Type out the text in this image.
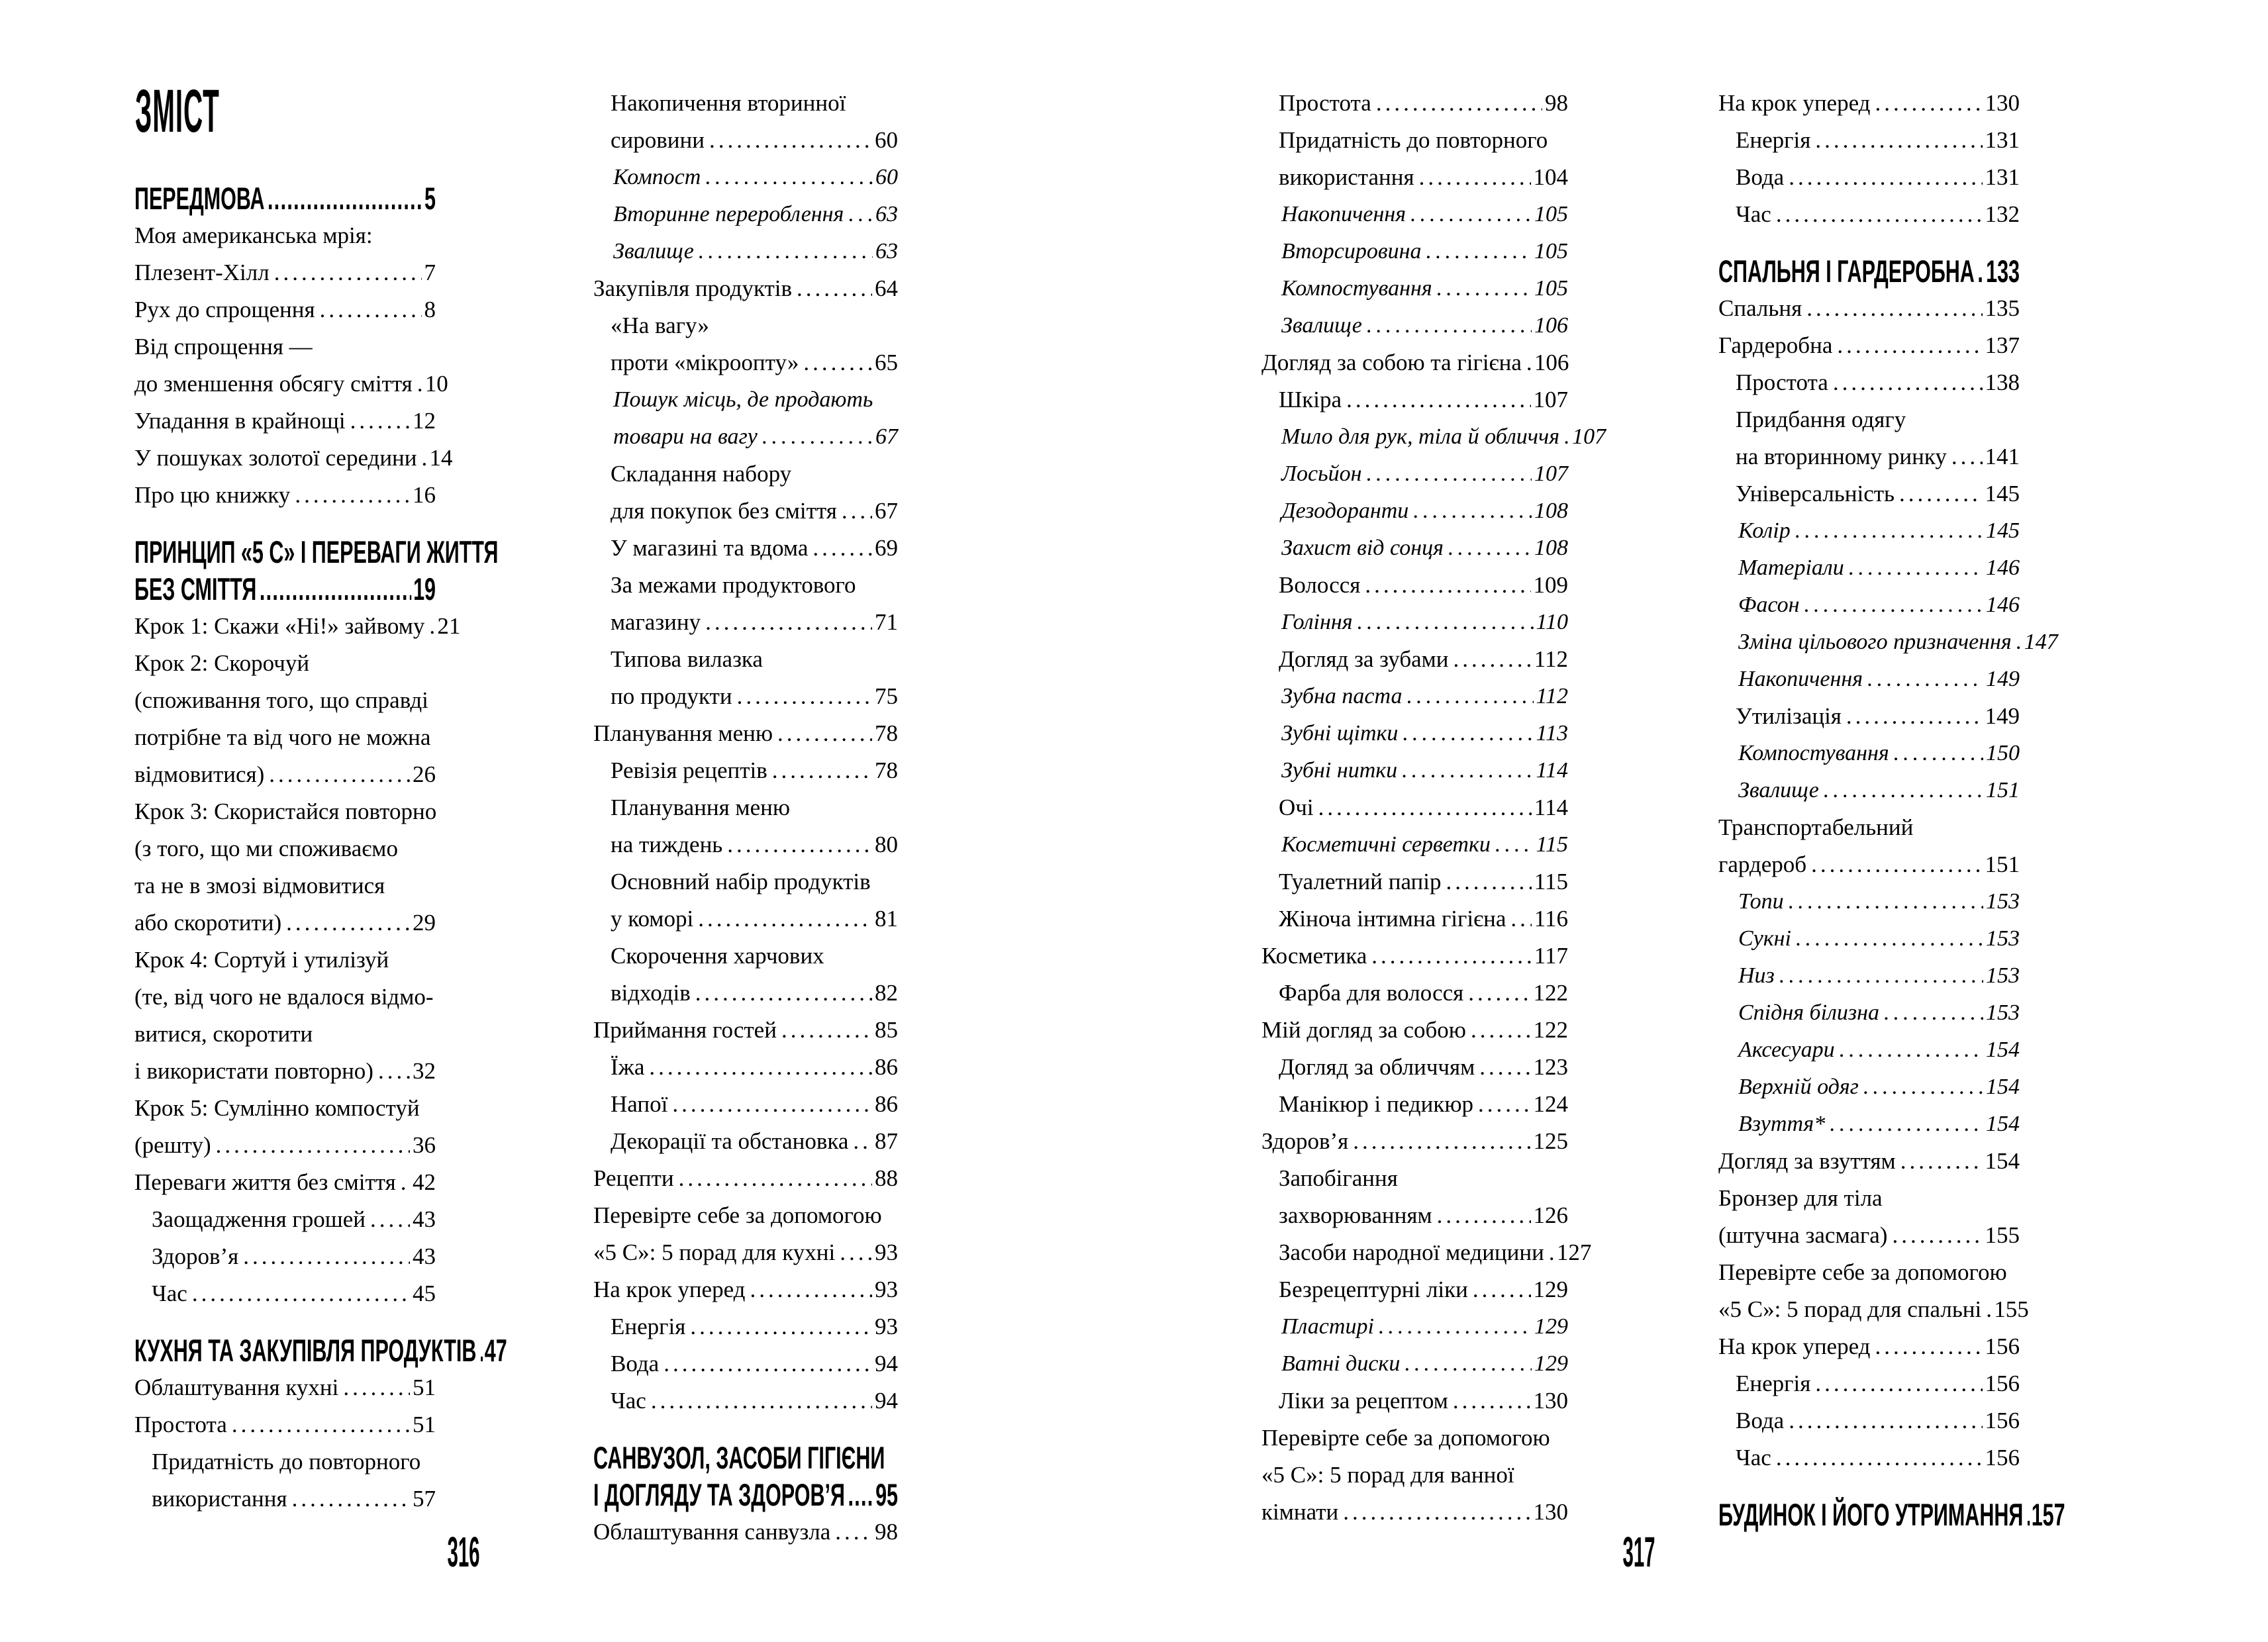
ЗМІСТ
ПЕРЕДМОВА .....	5
Моя американська мрія:
Плезент-Хілл .....	7
Рух до спрощення .....	8
Від спрощення —
до зменшення обсягу сміття ..... 10
Упадання в крайнощі .....	12
У пошуках золотої середини ..... 14
Про цю книжку .....	16
ПРИНЦИП «5 С» І ПЕРЕВАГИ ЖИТТЯ
БЕЗ СМІТТЯ .....	19
Крок 1: Скажи «Ні!» зайвому ..... 21
Крок 2: Скорочуй
(споживання того, що справді
потрібне та від чого не можна
відмовитися) .....	26
Крок 3: Скористайся повторно
(з того, що ми споживаємо
та не в змозі відмовитися
або скоротити) .....	29
Крок 4: Сортуй і утилізуй
(те, від чого не вдалося відмо-
витися, скоротити
і використати повторно) ..... 32
Крок 5: Сумлінно компостуй
(решту) .....	36
Переваги життя без сміття ..... 42
Заощадження грошей ..... 43
Здоров’я .....	43
Час .....	45
КУХНЯ ТА ЗАКУПІВЛЯ ПРОДУКТІВ ..... 47
Облаштування кухні .....	51
Простота .....	51
Придатність до повторного
використання .....	57
Накопичення вторинної
сировини .....	60
Компост .....	60
Вторинне перероблення ..... 63
Звалище .....	63
Закупівля продуктів .....	64
«На вагу»
проти «мікроопту» .....	65
Пошук місць, де продають
товари на вагу .....	67
Складання набору
для покупок без сміття ..... 67
У магазині та вдома .....	69
За межами продуктового
магазину .....	71
Типова вилазка
по продукти .....	75
Планування меню .....	78
Ревізія рецептів .....	78
Планування меню
на тиждень .....	80
Основний набір продуктів
у коморі .....	81
Скорочення харчових
відходів .....	82
Приймання гостей .....	85
Їжа .....	86
Напої .....	86
Декорації та обстановка ..... 87
Рецепти .....	88
Перевірте себе за допомогою
«5 С»: 5 порад для кухні ..... 93
На крок уперед .....	93
Енергія .....	93
Вода .....	94
Час .....	94
САНВУЗОЛ, ЗАСОБИ ГІГІЄНИ
І ДОГЛЯДУ ТА ЗДОРОВ’Я ..... 95
Облаштування санвузла ..... 98
Простота .....	98
Придатність до повторного
використання .....	104
Накопичення .....	105
Вторсировина .....	105
Компостування .....	105
Звалище .....	106
Догляд за собою та гігієна ..... 106
Шкіра .....	107
Мило для рук, тіла й обличчя ..... 107
Лосьйон .....	107
Дезодоранти .....	108
Захист від сонця .....	108
Волосся .....	109
Гоління .....	110
Догляд за зубами .....	112
Зубна паста .....	112
Зубні щітки .....	113
Зубні нитки .....	114
Очі .....	114
Косметичні серветки ..... 115
Туалетний папір .....	115
Жіноча інтимна гігієна ..... 116
Косметика .....	117
Фарба для волосся .....	122
Мій догляд за собою .....	122
Догляд за обличчям .....	123
Манікюр і педикюр .....	124
Здоров’я .....	125
Запобігання
захворюванням .....	126
Засоби народної медицини ..... 127
Безрецептурні ліки .....	129
Пластирі .....	129
Ватні диски .....	129
Ліки за рецептом .....	130
Перевірте себе за допомогою
«5 С»: 5 порад для ванної
кімнати .....	130
На крок уперед .....	130
Енергія .....	131
Вода .....	131
Час .....	132
СПАЛЬНЯ І ГАРДЕРОБНА ..... 133
Спальня .....	135
Гардеробна .....	137
Простота .....	138
Придбання одягу
на вторинному ринку ..... 141
Універсальність .....	145
Колір .....	145
Матеріали .....	146
Фасон .....	146
Зміна цільового призначення ..... 147
Накопичення .....	149
Утилізація .....	149
Компостування .....	150
Звалище .....	151
Транспортабельний
гардероб .....	151
Топи .....	153
Сукні .....	153
Низ .....	153
Спідня білизна .....	153
Аксесуари .....	154
Верхній одяг .....	154
Взуття* .....	154
Догляд за взуттям .....	154
Бронзер для тіла
(штучна засмага) .....	155
Перевірте себе за допомогою
«5 С»: 5 порад для спальні ..... 155
На крок уперед .....	156
Енергія .....	156
Вода .....	156
Час .....	156
БУДИНОК І ЙОГО УТРИМАННЯ ..... 157
316	317
